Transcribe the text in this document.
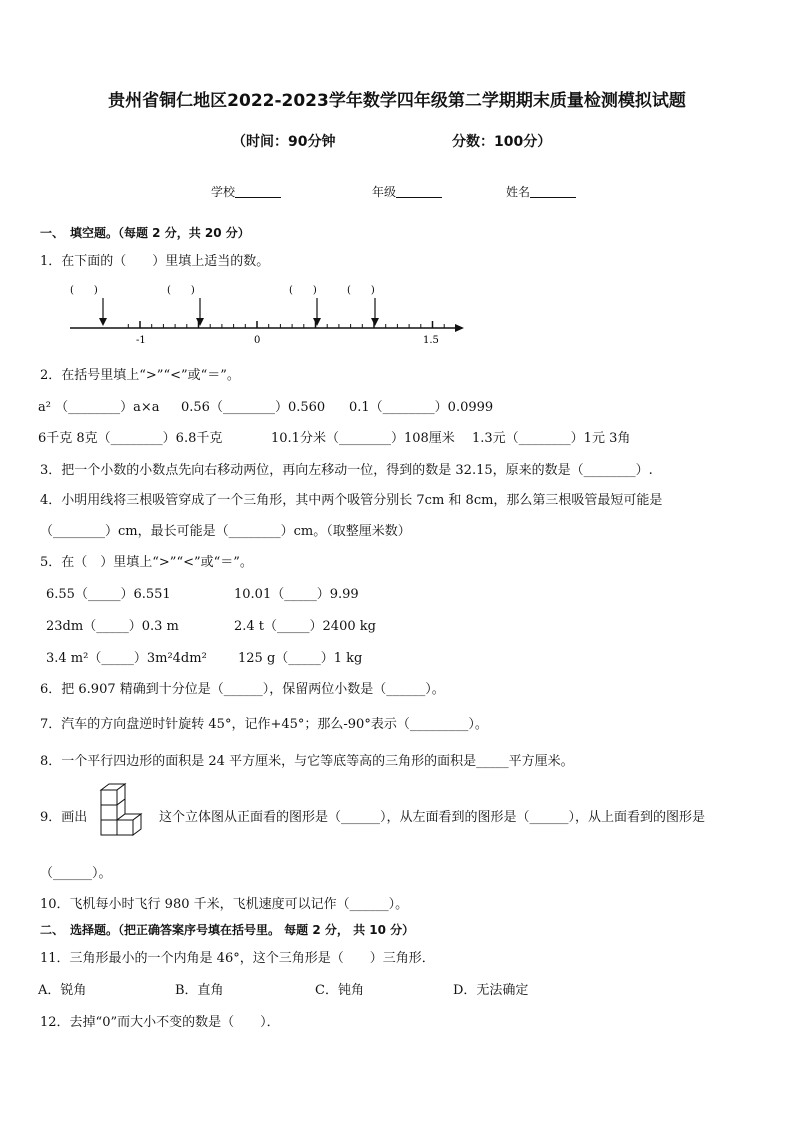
贵州省铜仁地区2022-2023学年数学四年级第二学期期末质量检测模拟试题
（时间：90分钟	分数：100分）
学校	年级	姓名
一、　填空题。（每题 2 分，共 20 分）
1．在下面的（　　）里填上适当的数。
(　　)	(　　)	(　　)	(　　)
-1	0	1.5
2．在括号里填上“>”“<”或“＝”。
a² （________）a×a 0.56（________）0.560 0.1（________）0.0999
6千克 8克（________）6.8千克	10.1分米（________）108厘米 1.3元（________）1元 3角
3．把一个小数的小数点先向右移动两位，再向左移动一位，得到的数是 32.15，原来的数是（________）.
4．小明用线将三根吸管穿成了一个三角形，其中两个吸管分别长 7cm 和 8cm，那么第三根吸管最短可能是
（________）cm，最长可能是（________）cm。（取整厘米数）
5．在（　）里填上“>”“<”或“＝”。
6.55（_____）6.551	10.01（_____）9.99
23dm（_____）0.3 m	2.4 t（_____）2400 kg
3.4 m²（_____）3m²4dm² 125 g（_____）1 kg
6．把 6.907 精确到十分位是（______），保留两位小数是（______）。
7．汽车的方向盘逆时针旋转 45°，记作+45°；那么-90°表示（_________）。
8．一个平行四边形的面积是 24 平方厘米，与它等底等高的三角形的面积是_____平方厘米。
9．画出	这个立体图从正面看的图形是（______），从左面看到的图形是（______），从上面看到的图形是
（______）。
10．飞机每小时飞行 980 千米，飞机速度可以记作（______）。
二、　选择题。（把正确答案序号填在括号里。 每题 2 分， 共 10 分）
11．三角形最小的一个内角是 46°，这个三角形是（　　）三角形．
A．锐角	B．直角	C．钝角	D．无法确定
12．去掉“0”而大小不变的数是（　　）．
